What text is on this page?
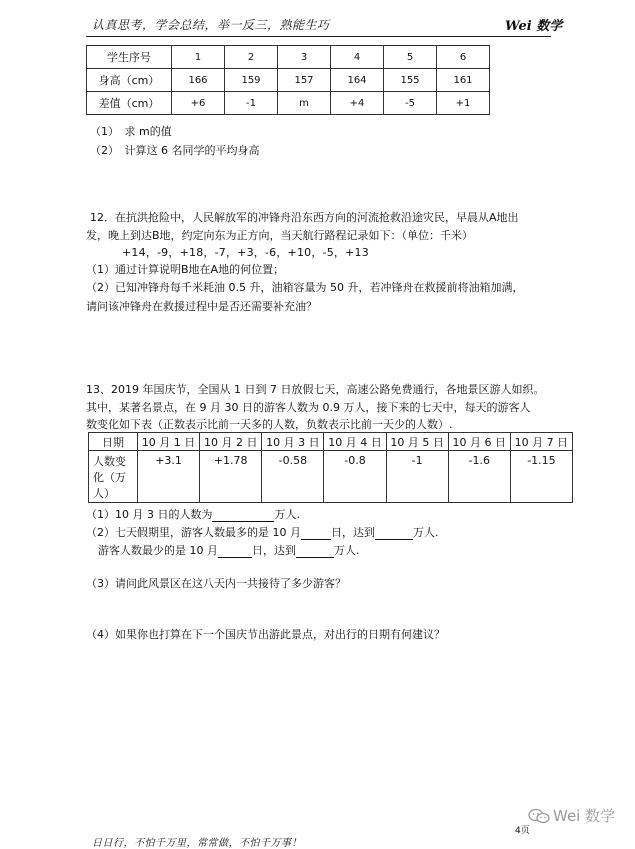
认真思考，学会总结，举一反三，熟能生巧	Wei 数学
学生序号	1	2	3	4	5	6
身高（cm）	166	159	157	164	155	161
差值（cm）	+6	-1	m	+4	-5	+1
（1）　求 m的值
（2）　计算这 6 名同学的平均身高
12．在抗洪抢险中，人民解放军的冲锋舟沿东西方向的河流抢救沿途灾民，早晨从A地出
发，晚上到达B地，约定向东为正方向，当天航行路程记录如下：（单位：千米）
+14，-9，+18，-7，+3，-6，+10，-5，+13
（1）通过计算说明B地在A地的何位置；
（2）已知冲锋舟每千米耗油 0.5 升，油箱容量为 50 升，若冲锋舟在救援前将油箱加满，
请问该冲锋舟在救援过程中是否还需要补充油？
13、2019 年国庆节，全国从 1 日到 7 日放假七天，高速公路免费通行，各地景区游人如织。
其中，某著名景点，在 9 月 30 日的游客人数为 0.9 万人，接下来的七天中，每天的游客人
数变化如下表（正数表示比前一天多的人数，负数表示比前一天少的人数）.
日期	10 月 1 日	10 月 2 日	10 月 3 日	10 月 4 日	10 月 5 日	10 月 6 日	10 月 7 日

人数变
化（万
人）	+3.1	+1.78	-0.58	-0.8	-1	-1.6	-1.15
（1）10 月 3 日的人数为	万人.
（2）七天假期里，游客人数最多的是 10 月	日，达到	万人.
游客人数最少的是 10 月	日，达到	万人.
（3）请问此风景区在这八天内一共接待了多少游客？
（4）如果你也打算在下一个国庆节出游此景点，对出行的日期有何建议？
Wei 数学
4页
日日行，不怕千万里，常常做，不怕千万事！
